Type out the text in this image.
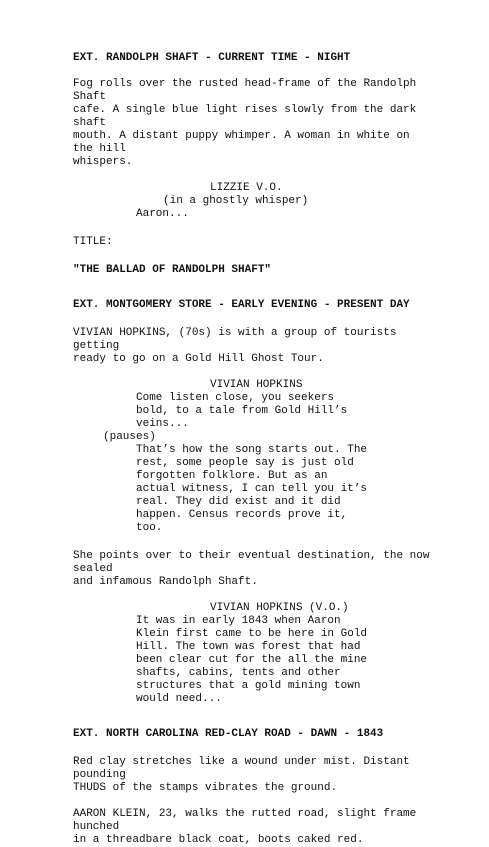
EXT. RANDOLPH SHAFT - CURRENT TIME - NIGHT
Fog rolls over the rusted head-frame of the Randolph Shaft
cafe. A single blue light rises slowly from the dark shaft
mouth. A distant puppy whimper. A woman in white on the hill
whispers.
LIZZIE V.O.
(in a ghostly whisper)
Aaron...
TITLE:
"THE BALLAD OF RANDOLPH SHAFT"
EXT. MONTGOMERY STORE - EARLY EVENING - PRESENT DAY
VIVIAN HOPKINS, (70s) is with a group of tourists getting
ready to go on a Gold Hill Ghost Tour.
VIVIAN HOPKINS
Come listen close, you seekers
bold, to a tale from Gold Hill’s
veins...
(pauses)
That’s how the song starts out. The
rest, some people say is just old
forgotten folklore. But as an
actual witness, I can tell you it’s
real. They did exist and it did
happen. Census records prove it,
too.
She points over to their eventual destination, the now sealed
and infamous Randolph Shaft.
VIVIAN HOPKINS (V.O.)
It was in early 1843 when Aaron
Klein first came to be here in Gold
Hill. The town was forest that had
been clear cut for the all the mine
shafts, cabins, tents and other
structures that a gold mining town
would need...
EXT. NORTH CAROLINA RED-CLAY ROAD - DAWN - 1843
Red clay stretches like a wound under mist. Distant pounding
THUDS of the stamps vibrates the ground.
AARON KLEIN, 23, walks the rutted road, slight frame hunched
in a threadbare black coat, boots caked red.
